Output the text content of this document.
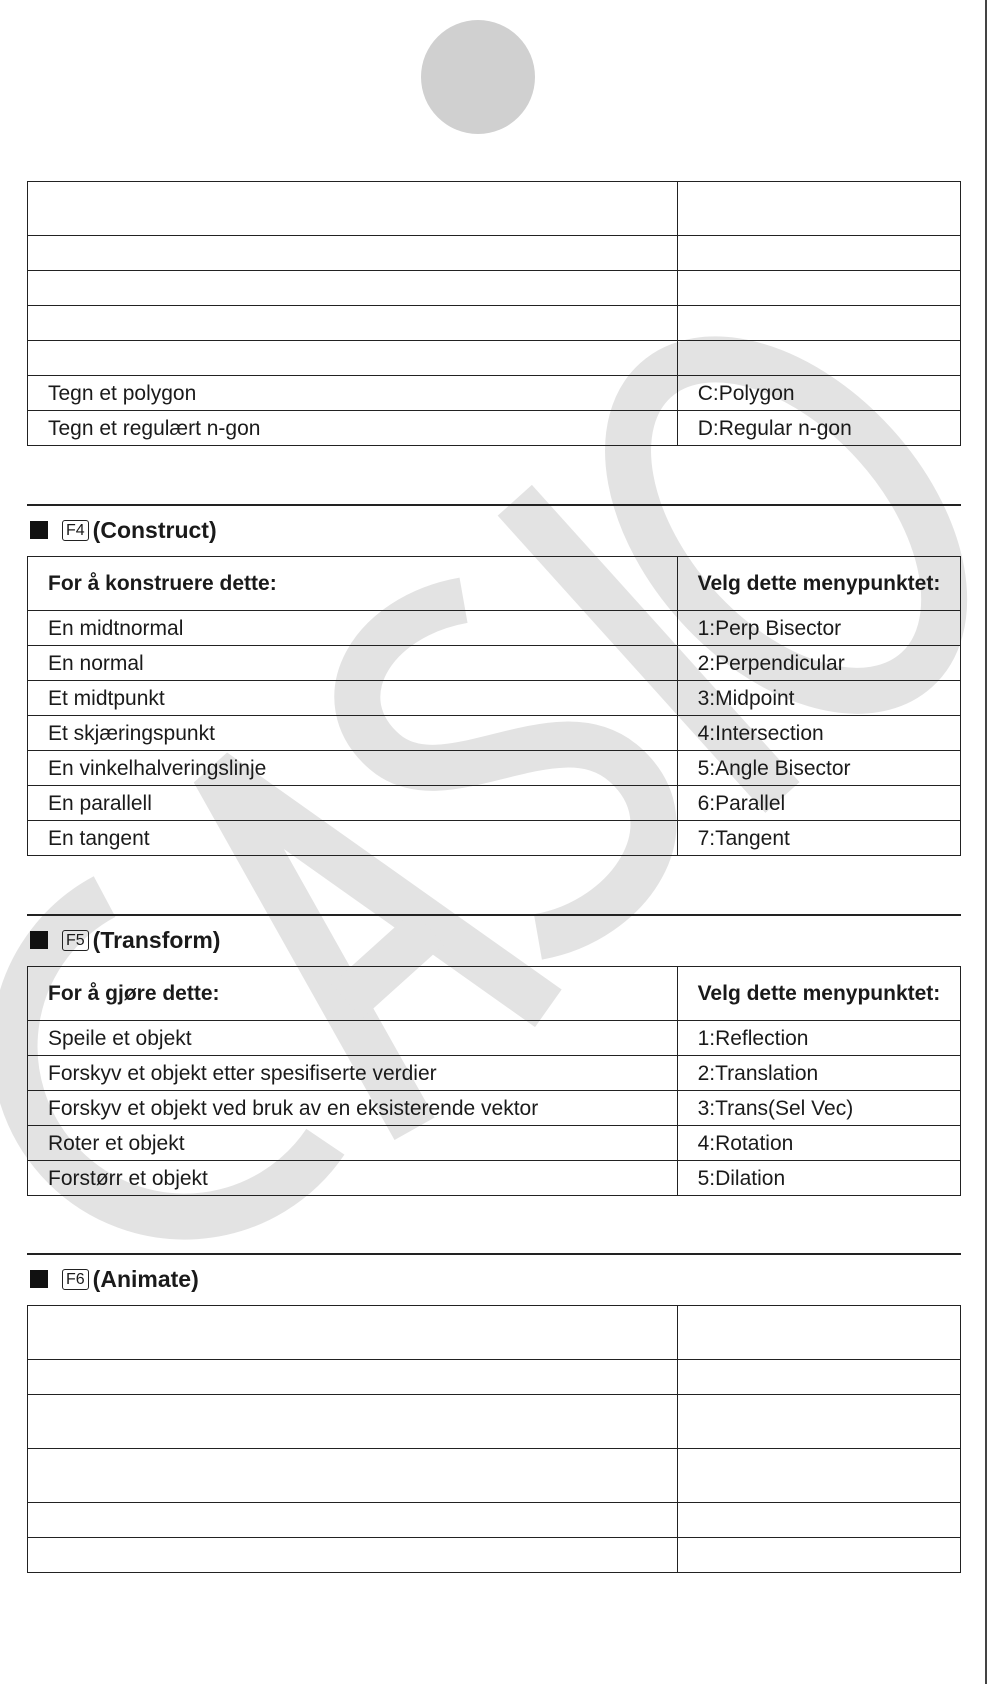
Tegn et polygon	C:Polygon
Tegn et regulært n-gon	D:Regular n-gon
F4 (Construct)
For å konstruere dette:	Velg dette menypunktet:
En midtnormal	1:Perp Bisector
En normal	2:Perpendicular
Et midtpunkt	3:Midpoint
Et skjæringspunkt	4:Intersection
En vinkelhalveringslinje	5:Angle Bisector
En parallell	6:Parallel
En tangent	7:Tangent
F5 (Transform)
For å gjøre dette:	Velg dette menypunktet:
Speile et objekt	1:Reflection
Forskyv et objekt etter spesifiserte verdier	2:Translation
Forskyv et objekt ved bruk av en eksisterende vektor	3:Trans(Sel Vec)
Roter et objekt	4:Rotation
Forstørr et objekt	5:Dilation
F6 (Animate)
